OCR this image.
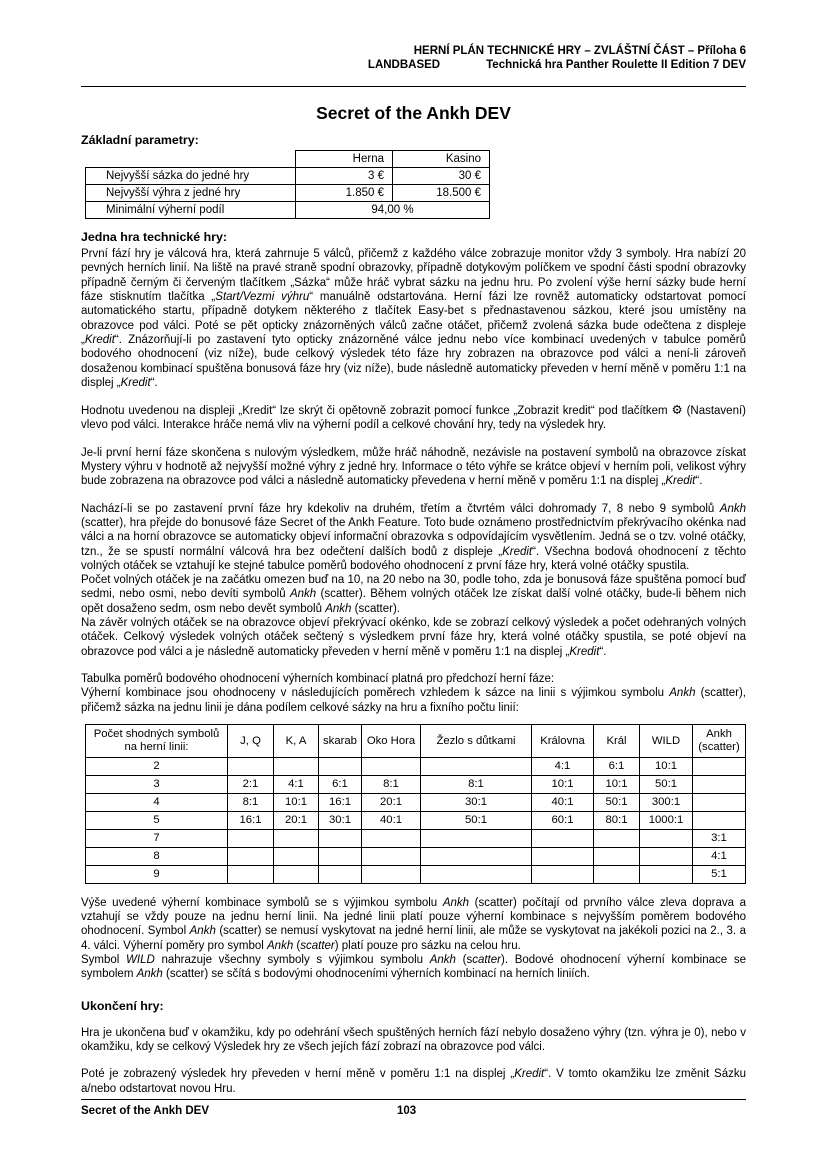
HERNÍ PLÁN TECHNICKÉ HRY – ZVLÁŠTNÍ ČÁST – Příloha 6
LANDBASED	Technická hra Panther Roulette II Edition 7 DEV
Secret of the Ankh DEV
Základní parametry:
	Herna	Kasino
Nejvyšší sázka do jedné hry	3 €	30 €
Nejvyšší výhra z jedné hry	1.850 €	18.500 €
Minimální výherní podíl	94,00 %	
Jedna hra technické hry:

První fází hry je válcová hra, která zahrnuje 5 válců, přičemž z každého válce zobrazuje monitor vždy 3 symboly. Hra nabízí 20 pevných herních linií. Na liště na pravé straně spodní obrazovky, případně dotykovým políčkem ve spodní části spodní obrazovky případně černým či červeným tlačítkem „Sázka“ může hráč vybrat sázku na jednu hru. Po zvolení výše herní sázky bude herní fáze stisknutím tlačítka „Start/Vezmi výhru“ manuálně odstartována. Herní fázi lze rovněž automaticky odstartovat pomocí automatického startu, případně dotykem některého z tlačítek Easy-bet s přednastavenou sázkou, které jsou umístěny na obrazovce pod válci. Poté se pět opticky znázorněných válců začne otáčet, přičemž zvolená sázka bude odečtena z displeje „Kredit“. Znázorňují-li po zastavení tyto opticky znázorněné válce jednu nebo více kombinací uvedených v tabulce poměrů bodového ohodnocení (viz níže), bude celkový výsledek této fáze hry zobrazen na obrazovce pod válci a není-li zároveň dosaženou kombinací spuštěna bonusová fáze hry (viz níže), bude následně automaticky převeden v herní měně v poměru 1:1 na displej „Kredit“.

Hodnotu uvedenou na displeji „Kredit“ lze skrýt či opětovně zobrazit pomocí funkce „Zobrazit kredit“ pod tlačítkem ⚙ (Nastavení) vlevo pod válci. Interakce hráče nemá vliv na výherní podíl a celkové chování hry, tedy na výsledek hry.

Je-li první herní fáze skončena s nulovým výsledkem, může hráč náhodně, nezávisle na postavení symbolů na obrazovce získat Mystery výhru v hodnotě až nejvyšší možné výhry z jedné hry. Informace o této výhře se krátce objeví v herním poli, velikost výhry bude zobrazena na obrazovce pod válci a následně automaticky převedena v herní měně v poměru 1:1 na displej „Kredit“.

Nachází-li se po zastavení první fáze hry kdekoliv na druhém, třetím a čtvrtém válci dohromady 7, 8 nebo 9 symbolů Ankh (scatter), hra přejde do bonusové fáze Secret of the Ankh Feature. Toto bude oznámeno prostřednictvím překrývacího okénka nad válci a na horní obrazovce se automaticky objeví informační obrazovka s odpovídajícím vysvětlením. Jedná se o tzv. volné otáčky, tzn., že se spustí normální válcová hra bez odečtení dalších bodů z displeje „Kredit“. Všechna bodová ohodnocení z těchto volných otáček se vztahují ke stejné tabulce poměrů bodového ohodnocení z první fáze hry, která volné otáčky spustila.

Počet volných otáček je na začátku omezen buď na 10, na 20 nebo na 30, podle toho, zda je bonusová fáze spuštěna pomocí buď sedmi, nebo osmi, nebo devíti symbolů Ankh (scatter). Během volných otáček lze získat další volné otáčky, bude-li během nich opět dosaženo sedm, osm nebo devět symbolů Ankh (scatter).

Na závěr volných otáček se na obrazovce objeví překrývací okénko, kde se zobrazí celkový výsledek a počet odehraných volných otáček. Celkový výsledek volných otáček sečtený s výsledkem první fáze hry, která volné otáčky spustila, se poté objeví na obrazovce pod válci a je následně automaticky převeden v herní měně v poměru 1:1 na displej „Kredit“.

Tabulka poměrů bodového ohodnocení výherních kombinací platná pro předchozí herní fáze:

Výherní kombinace jsou ohodnoceny v následujících poměrech vzhledem k sázce na linii s výjimkou symbolu Ankh (scatter), přičemž sázka na jednu linii je dána podílem celkové sázky na hru a fixního počtu linií:

Počet shodných symbolů na herní linii:	J, Q	K, A	skarab	Oko Hora	Žezlo s důtkami	Královna	Král	WILD	Ankh (scatter)
2						4:1	6:1	10:1	
3	2:1	4:1	6:1	8:1	8:1	10:1	10:1	50:1	
4	8:1	10:1	16:1	20:1	30:1	40:1	50:1	300:1	
5	16:1	20:1	30:1	40:1	50:1	60:1	80:1	1000:1	
7									3:1
8									4:1
9									5:1

Výše uvedené výherní kombinace symbolů se s výjimkou symbolu Ankh (scatter) počítají od prvního válce zleva doprava a vztahují se vždy pouze na jednu herní linii. Na jedné linii platí pouze výherní kombinace s nejvyšším poměrem bodového ohodnocení. Symbol Ankh (scatter) se nemusí vyskytovat na jedné herní linii, ale může se vyskytovat na jakékoli pozici na 2., 3. a 4. válci. Výherní poměry pro symbol Ankh (scatter) platí pouze pro sázku na celou hru.

Symbol WILD nahrazuje všechny symboly s výjimkou symbolu Ankh (scatter). Bodové ohodnocení výherní kombinace se symbolem Ankh (scatter) se sčítá s bodovými ohodnoceními výherních kombinací na herních liniích.

Ukončení hry:

Hra je ukončena buď v okamžiku, kdy po odehrání všech spuštěných herních fází nebylo dosaženo výhry (tzn. výhra je 0), nebo v okamžiku, kdy se celkový Výsledek hry ze všech jejích fází zobrazí na obrazovce pod válci.

Poté je zobrazený výsledek hry převeden v herní měně v poměru 1:1 na displej „Kredit“. V tomto okamžiku lze změnit Sázku a/nebo odstartovat novou Hru.

Secret of the Ankh DEV	103
